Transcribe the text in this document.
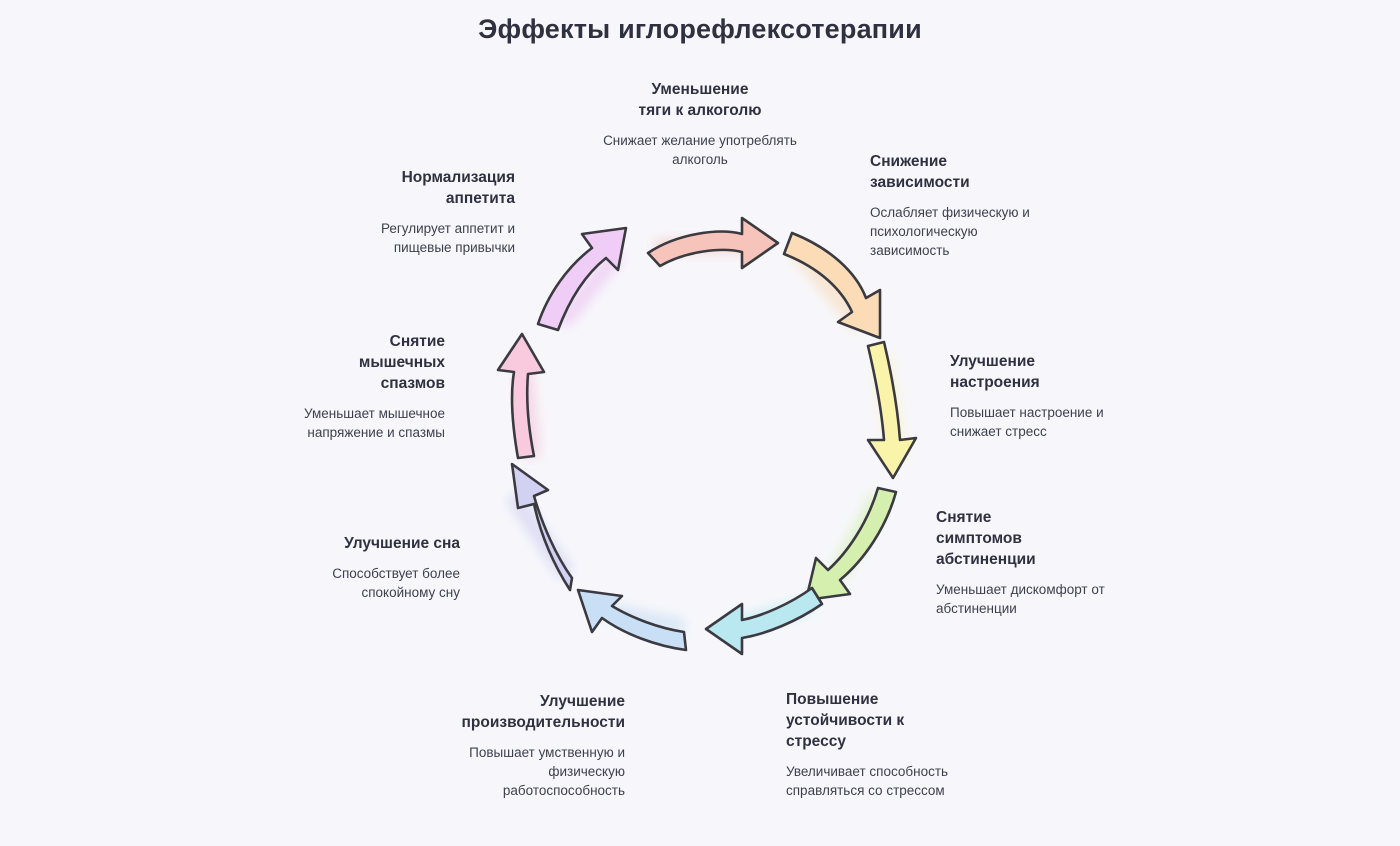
Эффекты иглорефлексотерапии
Уменьшение
тяги к алкоголю
Снижает желание употреблять алкоголь	Снижение
зависимости
Ослабляет физическую и психологическую зависимость
Улучшение
настроения
Повышает настроение и снижает стресс
Снятие
симптомов
абстиненции
Уменьшает дискомфорт от абстиненции
Повышение
устойчивости к
стрессу
Увеличивает способность справляться со стрессом
Улучшение
производительности
Повышает умственную и физическую работоспособность
Улучшение сна
Способствует более спокойному сну
Снятие
мышечных
спазмов
Уменьшает мышечное напряжение и спазмы
Нормализация
аппетита
Регулирует аппетит и пищевые привычки
